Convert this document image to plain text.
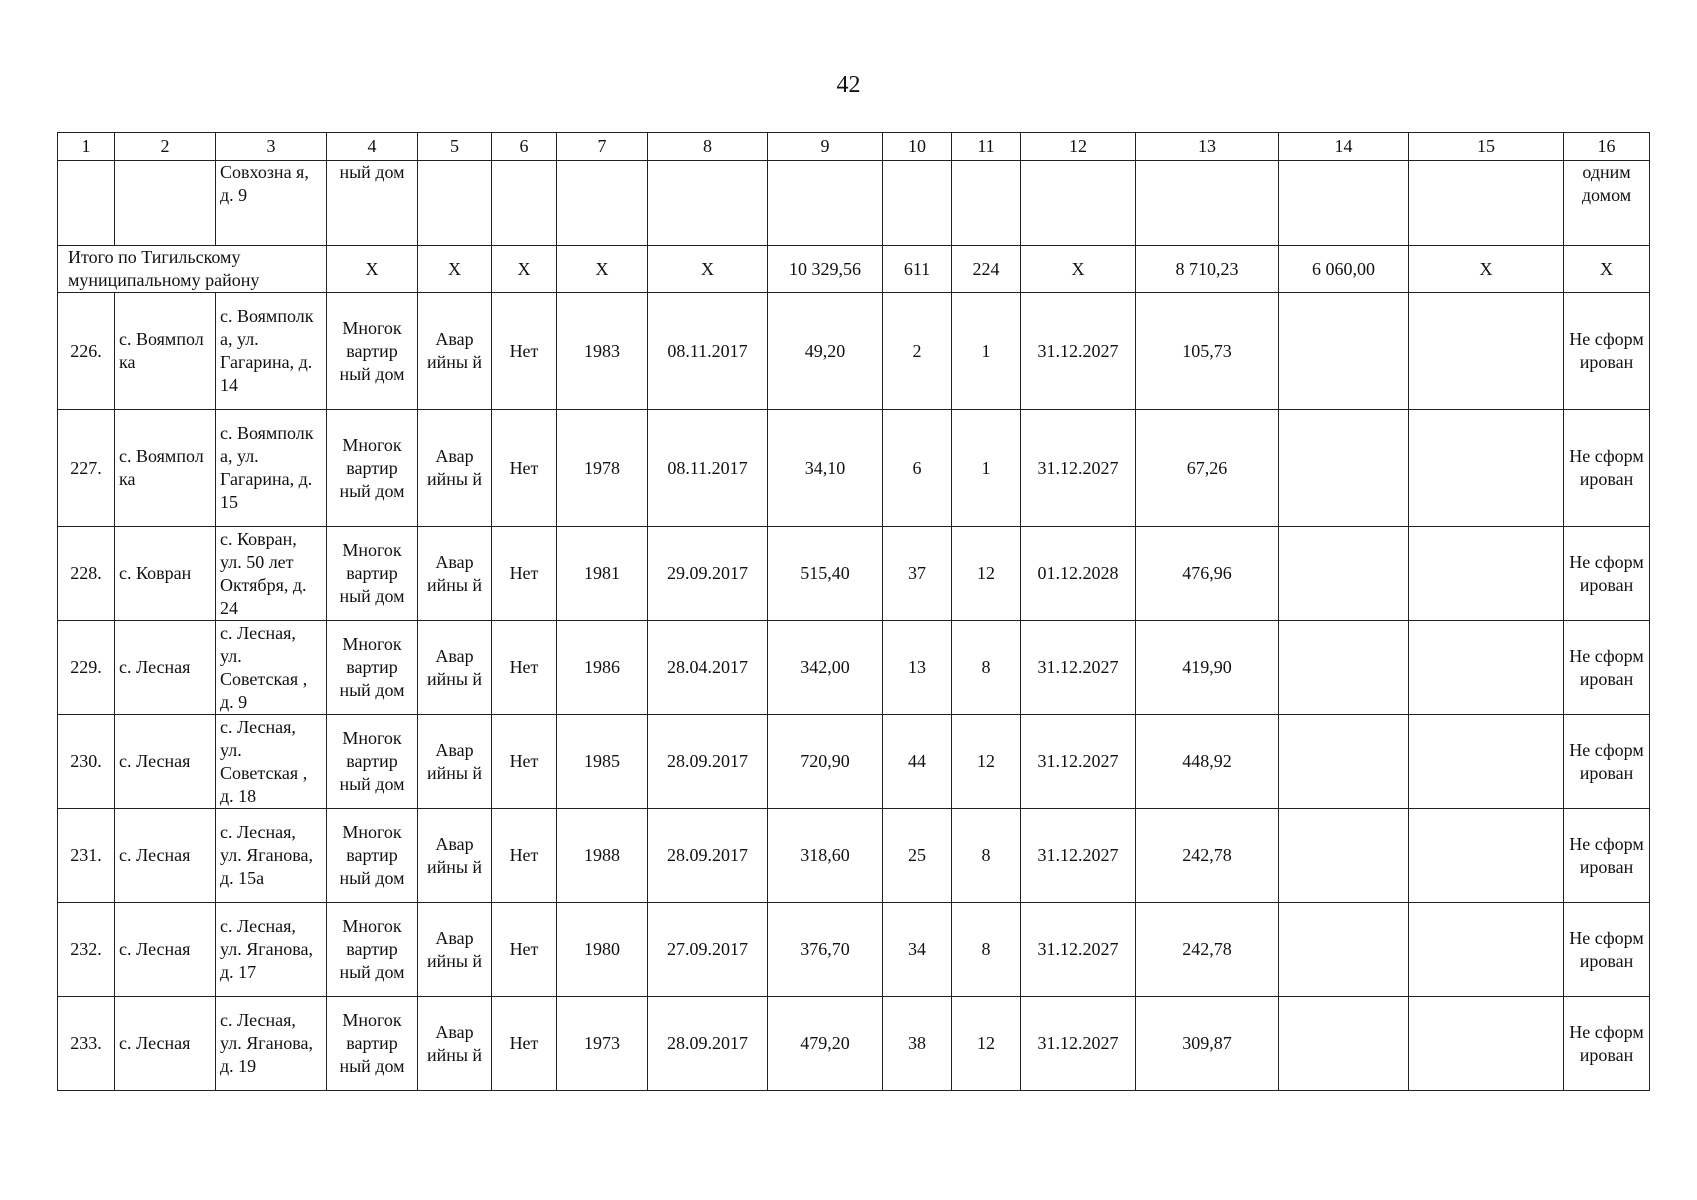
42
1	2	3	4	5	6	7	8	9	10	11	12	13	14	15	16
		Совхозна я, д. 9	ный дом												одним домом
Итого по Тигильскому муниципальному району			X	X	X	X	X	10 329,56	611	224	X	8 710,23	6 060,00	X	X
226.	с. Воямпол ка	с. Воямполк а, ул. Гагарина, д. 14	Многок вартир ный дом	Авар ийны й	Нет	1983	08.11.2017	49,20	2	1	31.12.2027	105,73			Не сформ ирован
227.	с. Воямпол ка	с. Воямполк а, ул. Гагарина, д. 15	Многок вартир ный дом	Авар ийны й	Нет	1978	08.11.2017	34,10	6	1	31.12.2027	67,26			Не сформ ирован
228.	с. Ковран	с. Ковран, ул. 50 лет Октября, д. 24	Многок вартир ный дом	Авар ийны й	Нет	1981	29.09.2017	515,40	37	12	01.12.2028	476,96			Не сформ ирован
229.	с. Лесная	с. Лесная, ул. Советская , д. 9	Многок вартир ный дом	Авар ийны й	Нет	1986	28.04.2017	342,00	13	8	31.12.2027	419,90			Не сформ ирован
230.	с. Лесная	с. Лесная, ул. Советская , д. 18	Многок вартир ный дом	Авар ийны й	Нет	1985	28.09.2017	720,90	44	12	31.12.2027	448,92			Не сформ ирован
231.	с. Лесная	с. Лесная, ул. Яганова, д. 15а	Многок вартир ный дом	Авар ийны й	Нет	1988	28.09.2017	318,60	25	8	31.12.2027	242,78			Не сформ ирован
232.	с. Лесная	с. Лесная, ул. Яганова, д. 17	Многок вартир ный дом	Авар ийны й	Нет	1980	27.09.2017	376,70	34	8	31.12.2027	242,78			Не сформ ирован
233.	с. Лесная	с. Лесная, ул. Яганова, д. 19	Многок вартир ный дом	Авар ийны й	Нет	1973	28.09.2017	479,20	38	12	31.12.2027	309,87			Не сформ ирован
